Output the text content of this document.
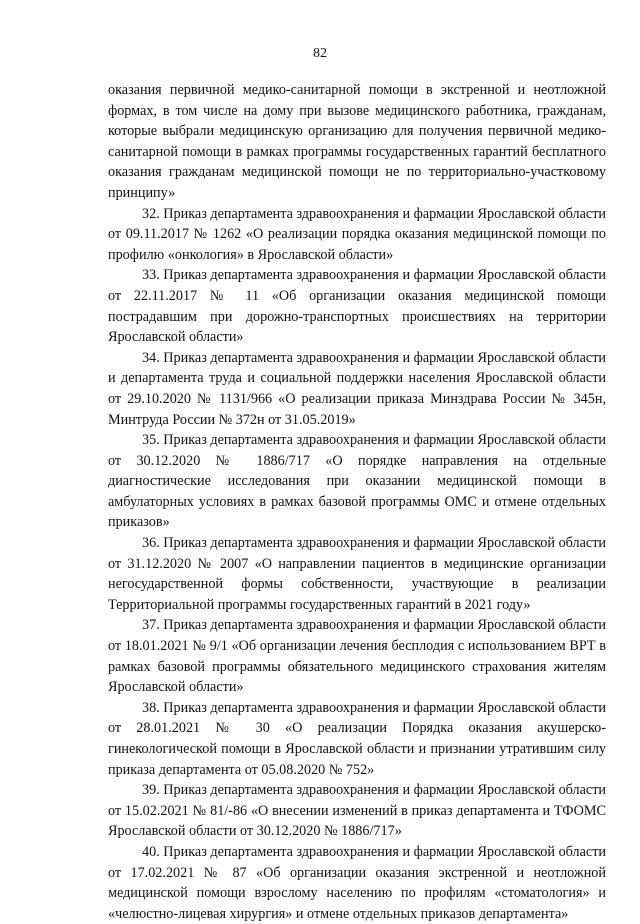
82

оказания первичной медико-санитарной помощи в экстренной и неотложной формах, в том числе на дому при вызове медицинского работника, гражданам, которые выбрали медицинскую организацию для получения первичной медико-санитарной помощи в рамках программы государственных гарантий бесплатного оказания гражданам медицинской помощи не по территориально-участковому принципу»

32. Приказ департамента здравоохранения и фармации Ярославской области от 09.11.2017 № 1262 «О реализации порядка оказания медицинской помощи по профилю «онкология» в Ярославской области»

33. Приказ департамента здравоохранения и фармации Ярославской области от 22.11.2017 № 11 «Об организации оказания медицинской помощи пострадавшим при дорожно-транспортных происшествиях на территории Ярославской области»

34. Приказ департамента здравоохранения и фармации Ярославской области и департамента труда и социальной поддержки населения Ярославской области от 29.10.2020 № 1131/966 «О реализации приказа Минздрава России № 345н, Минтруда России № 372н от 31.05.2019»

35. Приказ департамента здравоохранения и фармации Ярославской области от 30.12.2020 № 1886/717 «О порядке направления на отдельные диагностические исследования при оказании медицинской помощи в амбулаторных условиях в рамках базовой программы ОМС и отмене отдельных приказов»

36. Приказ департамента здравоохранения и фармации Ярославской области от 31.12.2020 № 2007 «О направлении пациентов в медицинские организации негосударственной формы собственности, участвующие в реализации Территориальной программы государственных гарантий в 2021 году»

37. Приказ департамента здравоохранения и фармации Ярославской области от 18.01.2021 № 9/1 «Об организации лечения бесплодия с использованием ВРТ в рамках базовой программы обязательного медицинского страхования жителям Ярославской области»

38. Приказ департамента здравоохранения и фармации Ярославской области от 28.01.2021 № 30 «О реализации Порядка оказания акушерско-гинекологической помощи в Ярославской области и признании утратившим силу приказа департамента от 05.08.2020 № 752»

39. Приказ департамента здравоохранения и фармации Ярославской области от 15.02.2021 № 81/-86 «О внесении изменений в приказ департамента и ТФОМС Ярославской области от 30.12.2020 № 1886/717»

40. Приказ департамента здравоохранения и фармации Ярославской области от 17.02.2021 № 87 «Об организации оказания экстренной и неотложной медицинской помощи взрослому населению по профилям «стоматология» и «челюстно-лицевая хирургия» и отмене отдельных приказов департамента»
